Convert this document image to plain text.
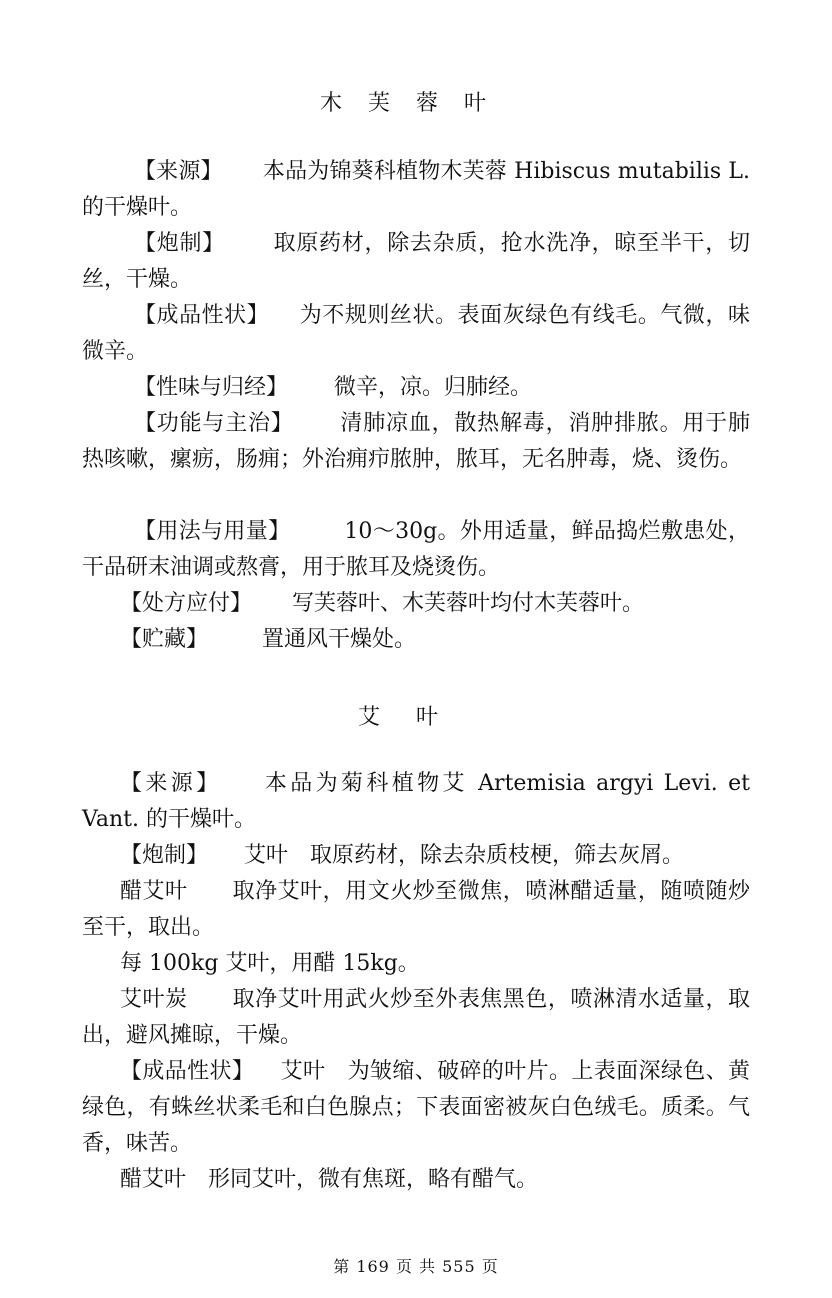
木芙蓉叶

【来源】 本品为锦葵科植物木芙蓉 Hibiscus mutabilis L. 的干燥叶。

【炮制】 取原药材，除去杂质，抢水洗净，晾至半干，切丝，干燥。

【成品性状】 为不规则丝状。表面灰绿色有线毛。气微，味微辛。

【性味与归经】 微辛，凉。归肺经。

【功能与主治】 清肺凉血，散热解毒，消肿排脓。用于肺热咳嗽，瘰疬，肠痈；外治痈疖脓肿，脓耳，无名肿毒，烧、烫伤。

【用法与用量】 10～30g。外用适量，鲜品捣烂敷患处，干品研末油调或熬膏，用于脓耳及烧烫伤。

【处方应付】 写芙蓉叶、木芙蓉叶均付木芙蓉叶。

【贮藏】 置通风干燥处。

艾叶

【来源】 本品为菊科植物艾 Artemisia argyi Levi. et Vant. 的干燥叶。

【炮制】 艾叶　取原药材，除去杂质枝梗，筛去灰屑。

醋艾叶　　取净艾叶，用文火炒至微焦，喷淋醋适量，随喷随炒至干，取出。

每 100kg 艾叶，用醋 15kg。

艾叶炭　　取净艾叶用武火炒至外表焦黑色，喷淋清水适量，取出，避风摊晾，干燥。

【成品性状】 艾叶　为皱缩、破碎的叶片。上表面深绿色、黄绿色，有蛛丝状柔毛和白色腺点；下表面密被灰白色绒毛。质柔。气香，味苦。

醋艾叶　形同艾叶，微有焦斑，略有醋气。

第 169 页 共 555 页
